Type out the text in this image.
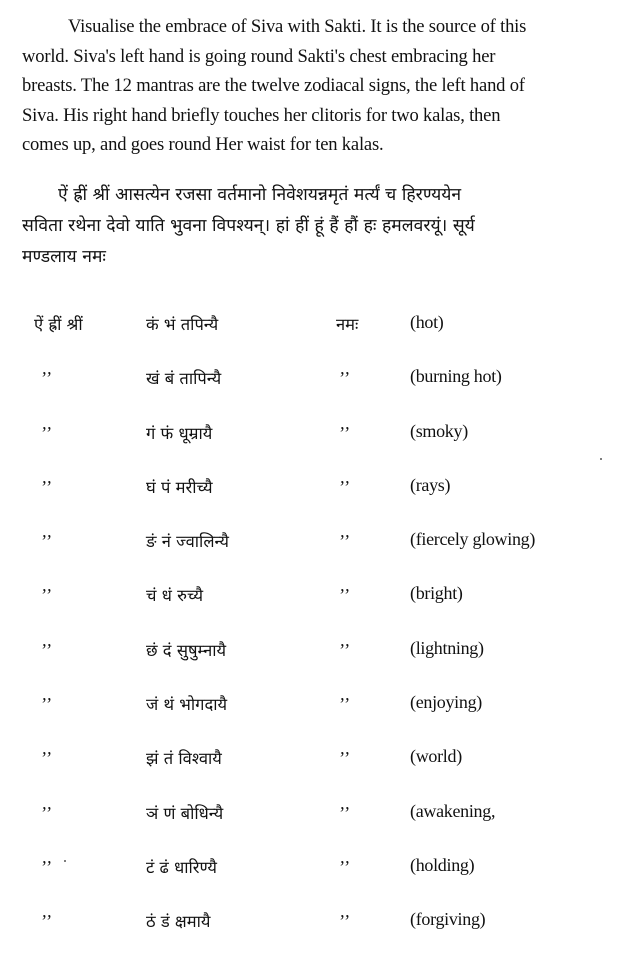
Visualise the embrace of Siva with Sakti. It is the source of this
world. Siva's left hand is going round Sakti's chest embracing her
breasts. The 12 mantras are the twelve zodiacal signs, the left hand of
Siva. His right hand briefly touches her clitoris for two kalas, then
comes up, and goes round Her waist for ten kalas.
ऐं ह्रीं श्रीं आसत्येन रजसा वर्तमानो निवेशयन्नमृतं मर्त्यं च हिरण्ययेन
सविता रथेना देवो याति भुवना विपश्यन्। हां हीं हूं हैं हौं हः हमलवरयूं। सूर्य
मण्डलाय नमः
ऐं ह्रीं श्रीं	कं भं तपिन्यै	नमः	(hot)
’’	खं बं तापिन्यै	’’	(burning hot)
’’	गं फं धूम्रायै	’’	(smoky)
’’	घं पं मरीच्यै	’’	(rays)
’’	ङं नं ज्वालिन्यै	’’	(fiercely glowing)
’’	चं धं रुच्यै	’’	(bright)
’’	छं दं सुषुम्नायै	’’	(lightning)
’’	जं थं भोगदायै	’’	(enjoying)
’’	झं तं विश्वायै	’’	(world)
’’	ञं णं बोधिन्यै	’’	(awakening,
’’	टं ढं धारिण्यै	’’	(holding)
’’	ठं डं क्षमायै	’’	(forgiving)
